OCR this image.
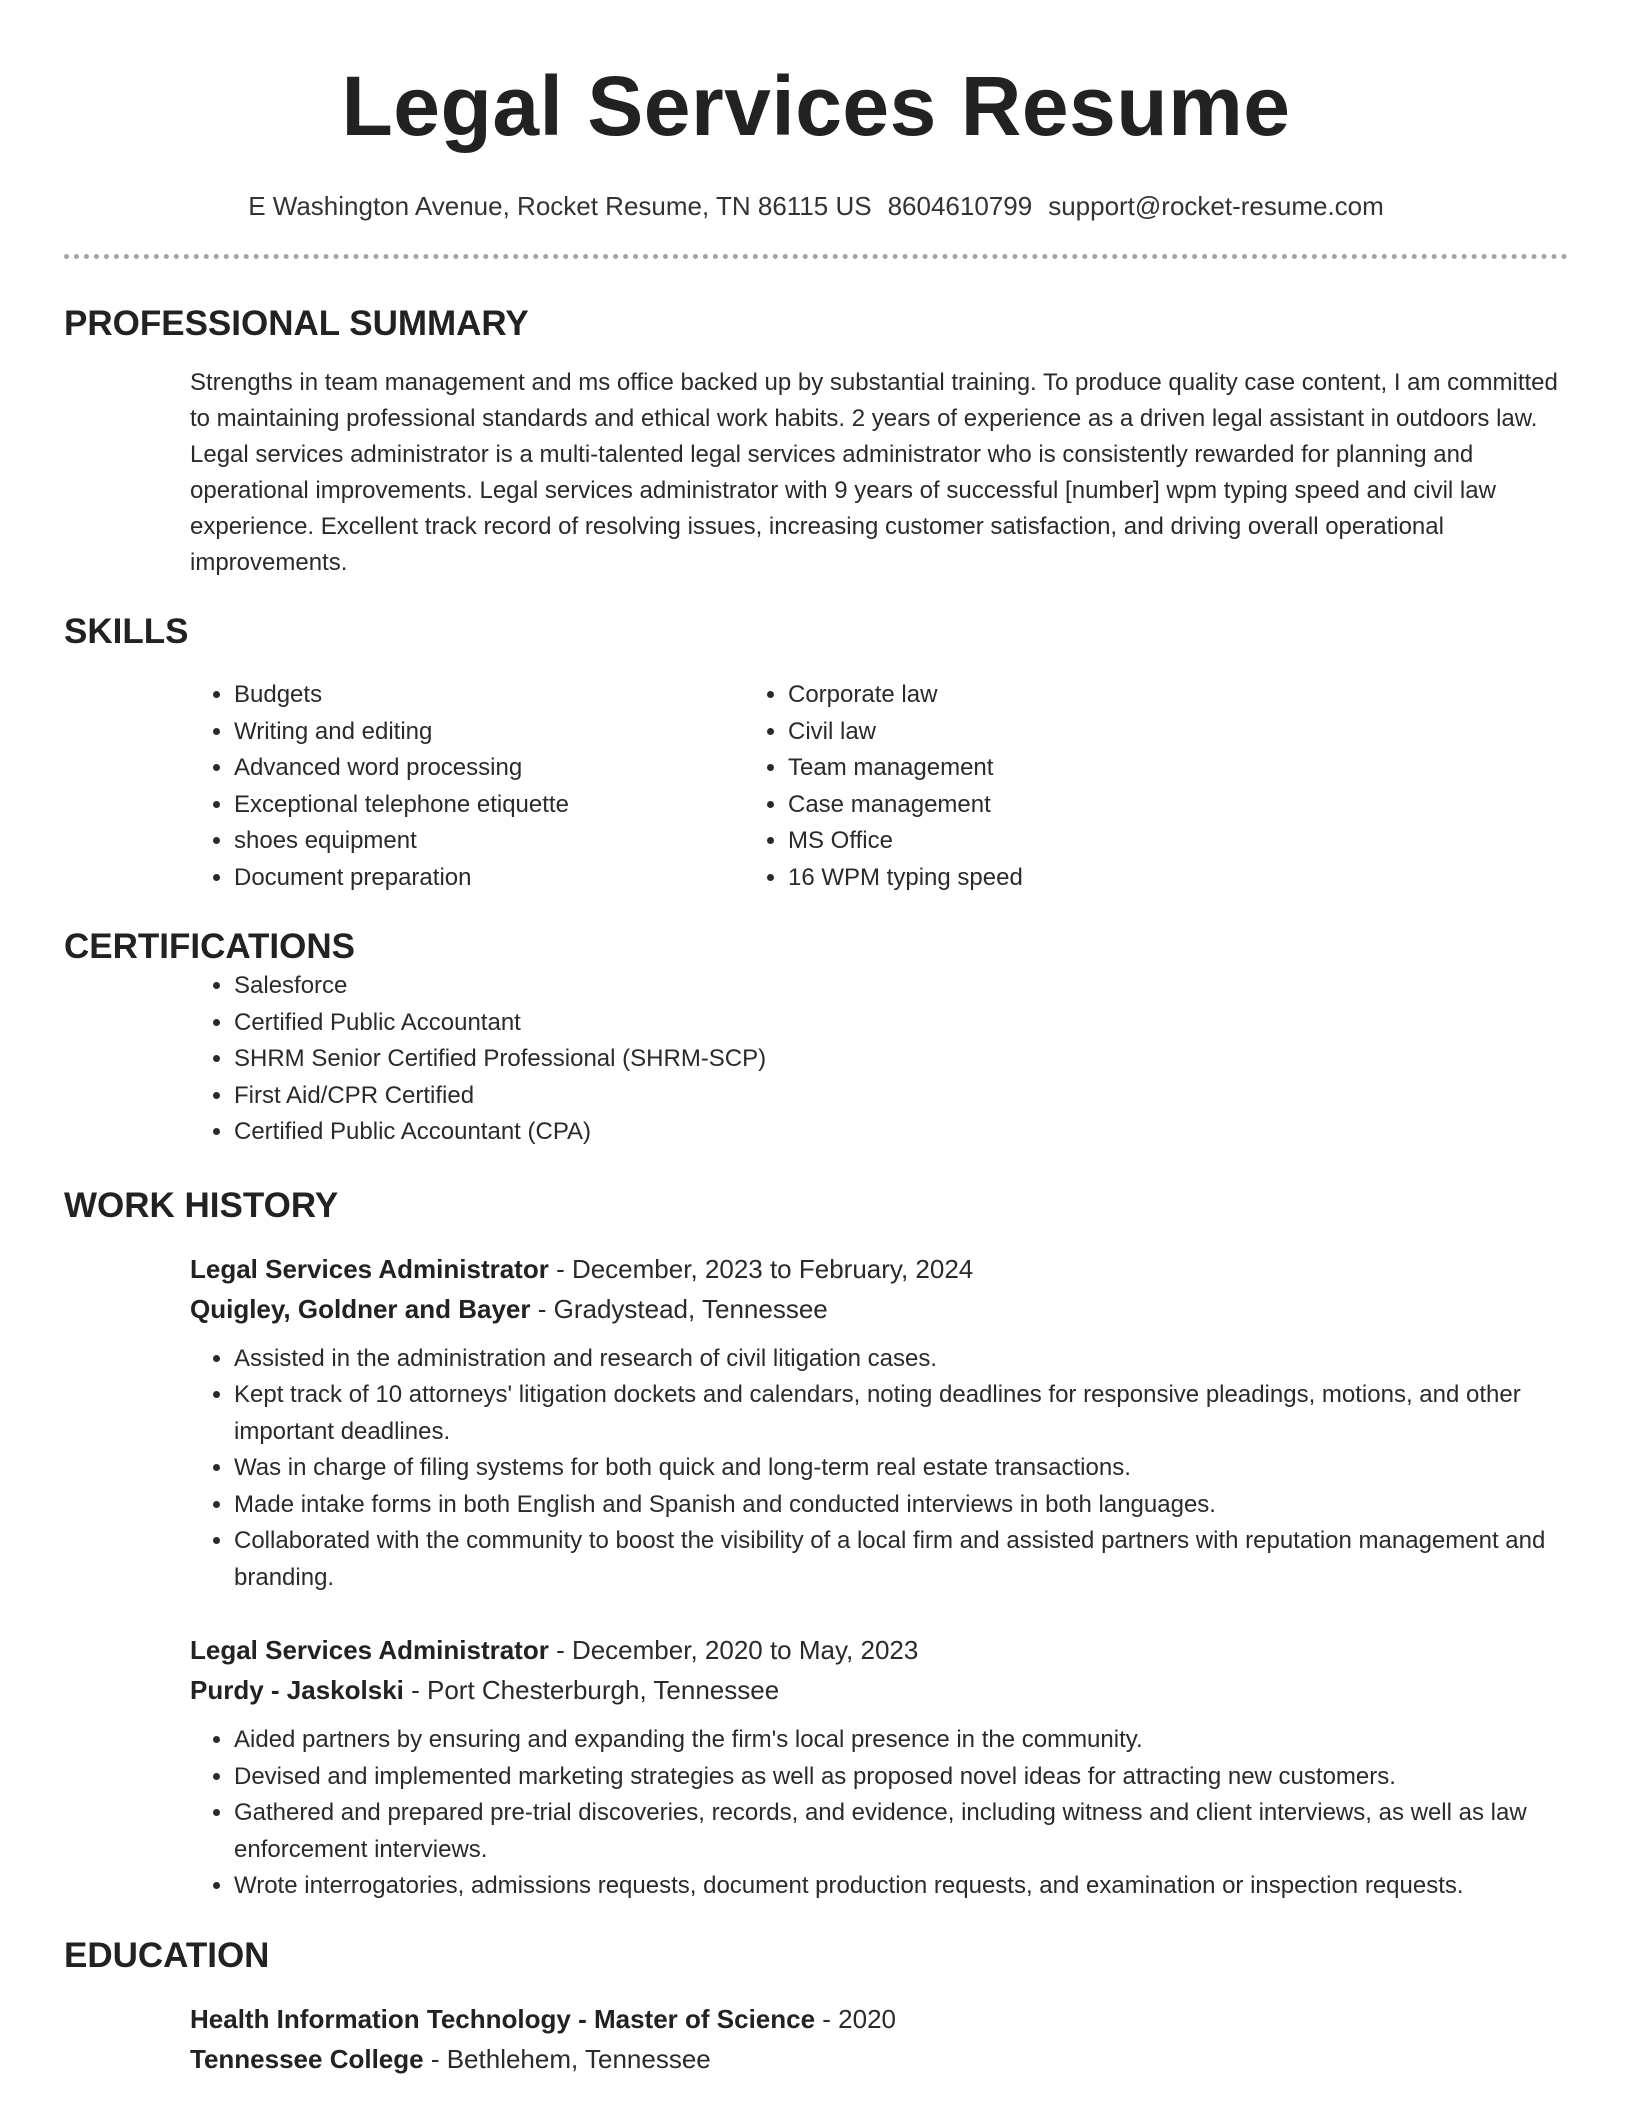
Legal Services Resume
E Washington Avenue, Rocket Resume, TN 86115 US 8604610799 support@rocket-resume.com
PROFESSIONAL SUMMARY

Strengths in team management and ms office backed up by substantial training. To produce quality case content, I am committed to maintaining professional standards and ethical work habits. 2 years of experience as a driven legal assistant in outdoors law. Legal services administrator is a multi-talented legal services administrator who is consistently rewarded for planning and operational improvements. Legal services administrator with 9 years of successful [number] wpm typing speed and civil law experience. Excellent track record of resolving issues, increasing customer satisfaction, and driving overall operational improvements.

SKILLS
• Budgets
• Writing and editing
• Advanced word processing
• Exceptional telephone etiquette
• shoes equipment
• Document preparation
• Corporate law
• Civil law
• Team management
• Case management
• MS Office
• 16 WPM typing speed
CERTIFICATIONS
• Salesforce
• Certified Public Accountant
• SHRM Senior Certified Professional (SHRM-SCP)
• First Aid/CPR Certified
• Certified Public Accountant (CPA)
WORK HISTORY
Legal Services Administrator - December, 2023 to February, 2024
Quigley, Goldner and Bayer - Gradystead, Tennessee
• Assisted in the administration and research of civil litigation cases.
• Kept track of 10 attorneys' litigation dockets and calendars, noting deadlines for responsive pleadings, motions, and other important deadlines.
• Was in charge of filing systems for both quick and long-term real estate transactions.
• Made intake forms in both English and Spanish and conducted interviews in both languages.
• Collaborated with the community to boost the visibility of a local firm and assisted partners with reputation management and branding.
Legal Services Administrator - December, 2020 to May, 2023
Purdy - Jaskolski - Port Chesterburgh, Tennessee
• Aided partners by ensuring and expanding the firm's local presence in the community.
• Devised and implemented marketing strategies as well as proposed novel ideas for attracting new customers.
• Gathered and prepared pre-trial discoveries, records, and evidence, including witness and client interviews, as well as law enforcement interviews.
• Wrote interrogatories, admissions requests, document production requests, and examination or inspection requests.
EDUCATION
Health Information Technology - Master of Science - 2020
Tennessee College - Bethlehem, Tennessee
